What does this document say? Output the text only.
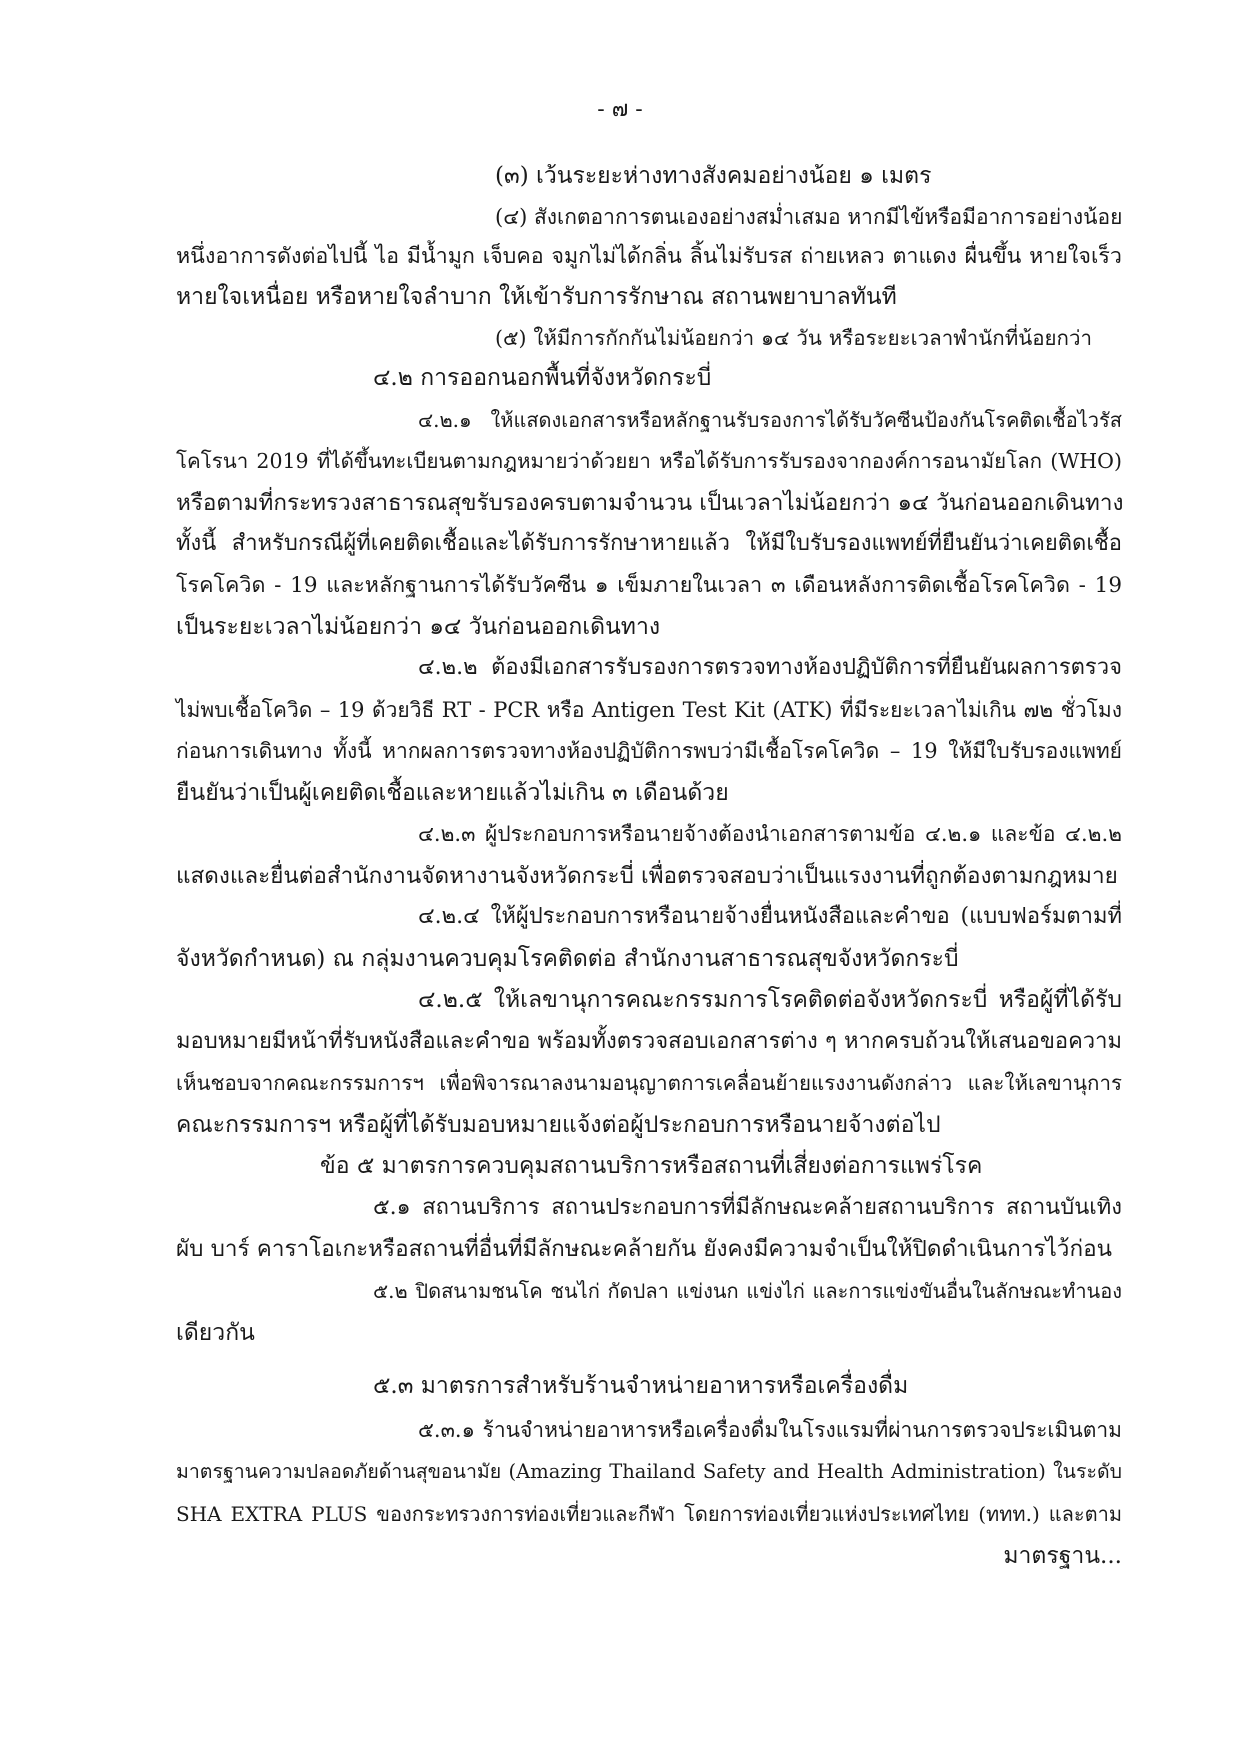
- ๗ -
(๓) เว้นระยะห่างทางสังคมอย่างน้อย ๑ เมตร
(๔) สังเกตอาการตนเองอย่างสม่ำเสมอ หากมีไข้หรือมีอาการอย่างน้อย
หนึ่งอาการดังต่อไปนี้ ไอ มีน้ำมูก เจ็บคอ จมูกไม่ได้กลิ่น ลิ้นไม่รับรส ถ่ายเหลว ตาแดง ผื่นขึ้น หายใจเร็ว
หายใจเหนื่อย หรือหายใจลำบาก ให้เข้ารับการรักษาณ สถานพยาบาลทันที
(๕) ให้มีการกักกันไม่น้อยกว่า ๑๔ วัน หรือระยะเวลาพำนักที่น้อยกว่า
๔.๒ การออกนอกพื้นที่จังหวัดกระบี่
๔.๒.๑ ให้แสดงเอกสารหรือหลักฐานรับรองการได้รับวัคซีนป้องกันโรคติดเชื้อไวรัส
โคโรนา 2019 ที่ได้ขึ้นทะเบียนตามกฎหมายว่าด้วยยา หรือได้รับการรับรองจากองค์การอนามัยโลก (WHO)
หรือตามที่กระทรวงสาธารณสุขรับรองครบตามจำนวน เป็นเวลาไม่น้อยกว่า ๑๔ วันก่อนออกเดินทาง
ทั้งนี้ สำหรับกรณีผู้ที่เคยติดเชื้อและได้รับการรักษาหายแล้ว ให้มีใบรับรองแพทย์ที่ยืนยันว่าเคยติดเชื้อ
โรคโควิด - 19 และหลักฐานการได้รับวัคซีน ๑ เข็มภายในเวลา ๓ เดือนหลังการติดเชื้อโรคโควิด - 19
เป็นระยะเวลาไม่น้อยกว่า ๑๔ วันก่อนออกเดินทาง
๔.๒.๒ ต้องมีเอกสารรับรองการตรวจทางห้องปฏิบัติการที่ยืนยันผลการตรวจ
ไม่พบเชื้อโควิด – 19 ด้วยวิธี RT - PCR หรือ Antigen Test Kit (ATK) ที่มีระยะเวลาไม่เกิน ๗๒ ชั่วโมง
ก่อนการเดินทาง ทั้งนี้ หากผลการตรวจทางห้องปฏิบัติการพบว่ามีเชื้อโรคโควิด – 19 ให้มีใบรับรองแพทย์
ยืนยันว่าเป็นผู้เคยติดเชื้อและหายแล้วไม่เกิน ๓ เดือนด้วย
๔.๒.๓ ผู้ประกอบการหรือนายจ้างต้องนำเอกสารตามข้อ ๔.๒.๑ และข้อ ๔.๒.๒
แสดงและยื่นต่อสำนักงานจัดหางานจังหวัดกระบี่ เพื่อตรวจสอบว่าเป็นแรงงานที่ถูกต้องตามกฎหมาย
๔.๒.๔ ให้ผู้ประกอบการหรือนายจ้างยื่นหนังสือและคำขอ (แบบฟอร์มตามที่
จังหวัดกำหนด) ณ กลุ่มงานควบคุมโรคติดต่อ สำนักงานสาธารณสุขจังหวัดกระบี่
๔.๒.๕ ให้เลขานุการคณะกรรมการโรคติดต่อจังหวัดกระบี่ หรือผู้ที่ได้รับ
มอบหมายมีหน้าที่รับหนังสือและคำขอ พร้อมทั้งตรวจสอบเอกสารต่าง ๆ หากครบถ้วนให้เสนอขอความ
เห็นชอบจากคณะกรรมการฯ เพื่อพิจารณาลงนามอนุญาตการเคลื่อนย้ายแรงงานดังกล่าว และให้เลขานุการ
คณะกรรมการฯ หรือผู้ที่ได้รับมอบหมายแจ้งต่อผู้ประกอบการหรือนายจ้างต่อไป
ข้อ ๕ มาตรการควบคุมสถานบริการหรือสถานที่เสี่ยงต่อการแพร่โรค
๕.๑ สถานบริการ สถานประกอบการที่มีลักษณะคล้ายสถานบริการ สถานบันเทิง
ผับ บาร์ คาราโอเกะหรือสถานที่อื่นที่มีลักษณะคล้ายกัน ยังคงมีความจำเป็นให้ปิดดำเนินการไว้ก่อน
๕.๒ ปิดสนามชนโค ชนไก่ กัดปลา แข่งนก แข่งไก่ และการแข่งขันอื่นในลักษณะทำนอง
เดียวกัน
๕.๓ มาตรการสำหรับร้านจำหน่ายอาหารหรือเครื่องดื่ม
๕.๓.๑ ร้านจำหน่ายอาหารหรือเครื่องดื่มในโรงแรมที่ผ่านการตรวจประเมินตาม
มาตรฐานความปลอดภัยด้านสุขอนามัย (Amazing Thailand Safety and Health Administration) ในระดับ
SHA EXTRA PLUS ของกระทรวงการท่องเที่ยวและกีฬา โดยการท่องเที่ยวแห่งประเทศไทย (ททท.) และตาม
มาตรฐาน...
